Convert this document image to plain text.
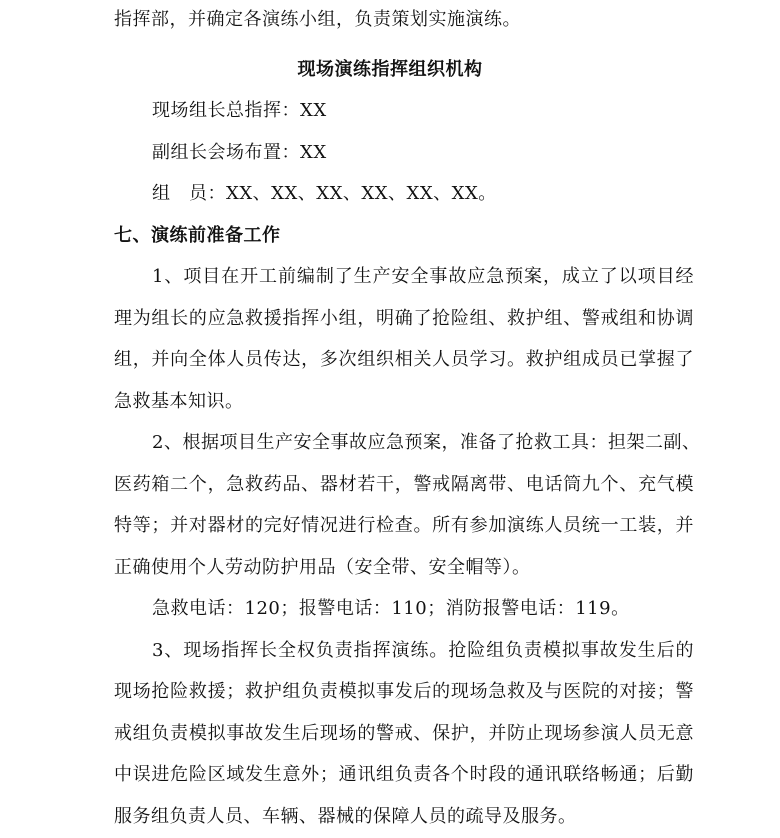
指挥部，并确定各演练小组，负责策划实施演练。
现场演练指挥组织机构
现场组长总指挥：XX
副组长会场布置：XX
组　员：XX、XX、XX、XX、XX、XX。
七、演练前准备工作
1、项目在开工前编制了生产安全事故应急预案，成立了以项目经
理为组长的应急救援指挥小组，明确了抢险组、救护组、警戒组和协调
组，并向全体人员传达，多次组织相关人员学习。救护组成员已掌握了
急救基本知识。
2、根据项目生产安全事故应急预案，准备了抢救工具：担架二副、
医药箱二个，急救药品、器材若干，警戒隔离带、电话筒九个、充气模
特等；并对器材的完好情况进行检查。所有参加演练人员统一工装，并
正确使用个人劳动防护用品（安全带、安全帽等）。
急救电话：120；报警电话：110；消防报警电话：119。
3、现场指挥长全权负责指挥演练。抢险组负责模拟事故发生后的
现场抢险救援；救护组负责模拟事发后的现场急救及与医院的对接；警
戒组负责模拟事故发生后现场的警戒、保护，并防止现场参演人员无意
中误进危险区域发生意外；通讯组负责各个时段的通讯联络畅通；后勤
服务组负责人员、车辆、器械的保障人员的疏导及服务。
